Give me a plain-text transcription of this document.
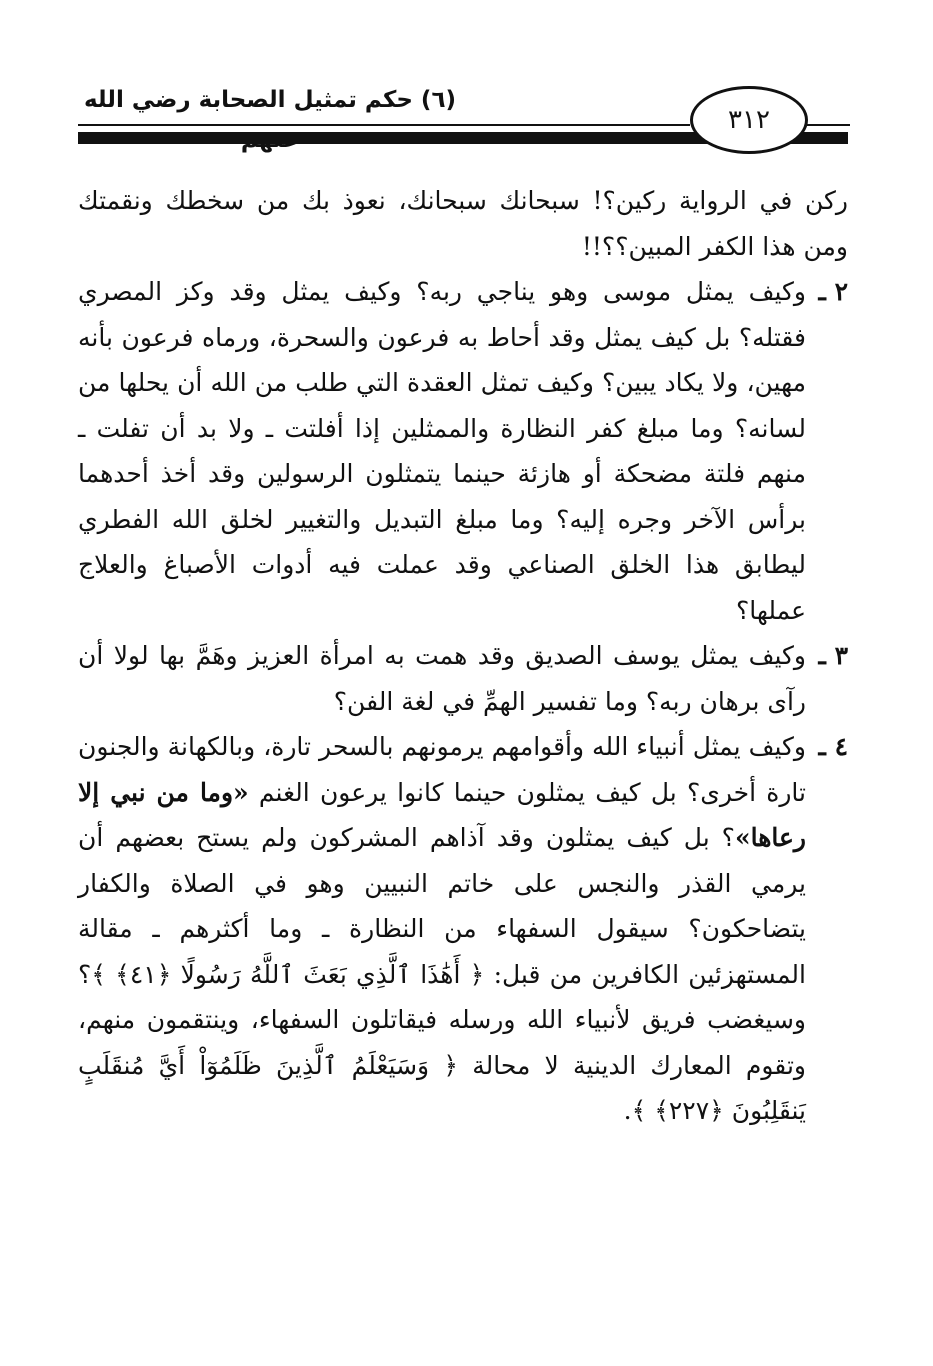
(٦) حكم تمثيل الصحابة رضي الله
٣١٢

ركن في الرواية ركين؟! سبحانك سبحانك، نعوذ بك من سخطك ونقمتك ومن هذا الكفر المبين؟؟!!

٢ ـ
وكيف يمثل موسى وهو يناجي ربه؟ وكيف يمثل وقد وكز المصري فقتله؟ بل كيف يمثل وقد أحاط به فرعون والسحرة، ورماه فرعون بأنه مهين، ولا يكاد يبين؟ وكيف تمثل العقدة التي طلب من الله أن يحلها من لسانه؟ وما مبلغ كفر النظارة والممثلين إذا أفلتت ـ ولا بد أن تفلت ـ منهم فلتة مضحكة أو هازئة حينما يتمثلون الرسولين وقد أخذ أحدهما برأس الآخر وجره إليه؟ وما مبلغ التبديل والتغيير لخلق الله الفطري ليطابق هذا الخلق الصناعي وقد عملت فيه أدوات الأصباغ والعلاج عملها؟
٣ ـ
وكيف يمثل يوسف الصديق وقد همت به امرأة العزيز وهَمَّ بها لولا أن رآى برهان ربه؟ وما تفسير الهمِّ في لغة الفن؟
٤ ـ
وكيف يمثل أنبياء الله وأقوامهم يرمونهم بالسحر تارة، وبالكهانة والجنون تارة أخرى؟ بل كيف يمثلون حينما كانوا يرعون الغنم «وما من نبي إلا رعاها»؟ بل كيف يمثلون وقد آذاهم المشركون ولم يستح بعضهم أن يرمي القذر والنجس على خاتم النبيين وهو في الصلاة والكفار يتضاحكون؟ سيقول السفهاء من النظارة ـ وما أكثرهم ـ مقالة المستهزئين الكافرين من قبل: ﴿ أَهَٰذَا ٱلَّذِي بَعَثَ ٱللَّهُ رَسُولًا ﴿٤١﴾ ﴾؟ وسيغضب فريق لأنبياء الله ورسله فيقاتلون السفهاء، وينتقمون منهم، وتقوم المعارك الدينية لا محالة ﴿ وَسَيَعْلَمُ ٱلَّذِينَ ظَلَمُوٓاْ أَيَّ مُنقَلَبٍ يَنقَلِبُونَ ﴿٢٢٧﴾ ﴾.
